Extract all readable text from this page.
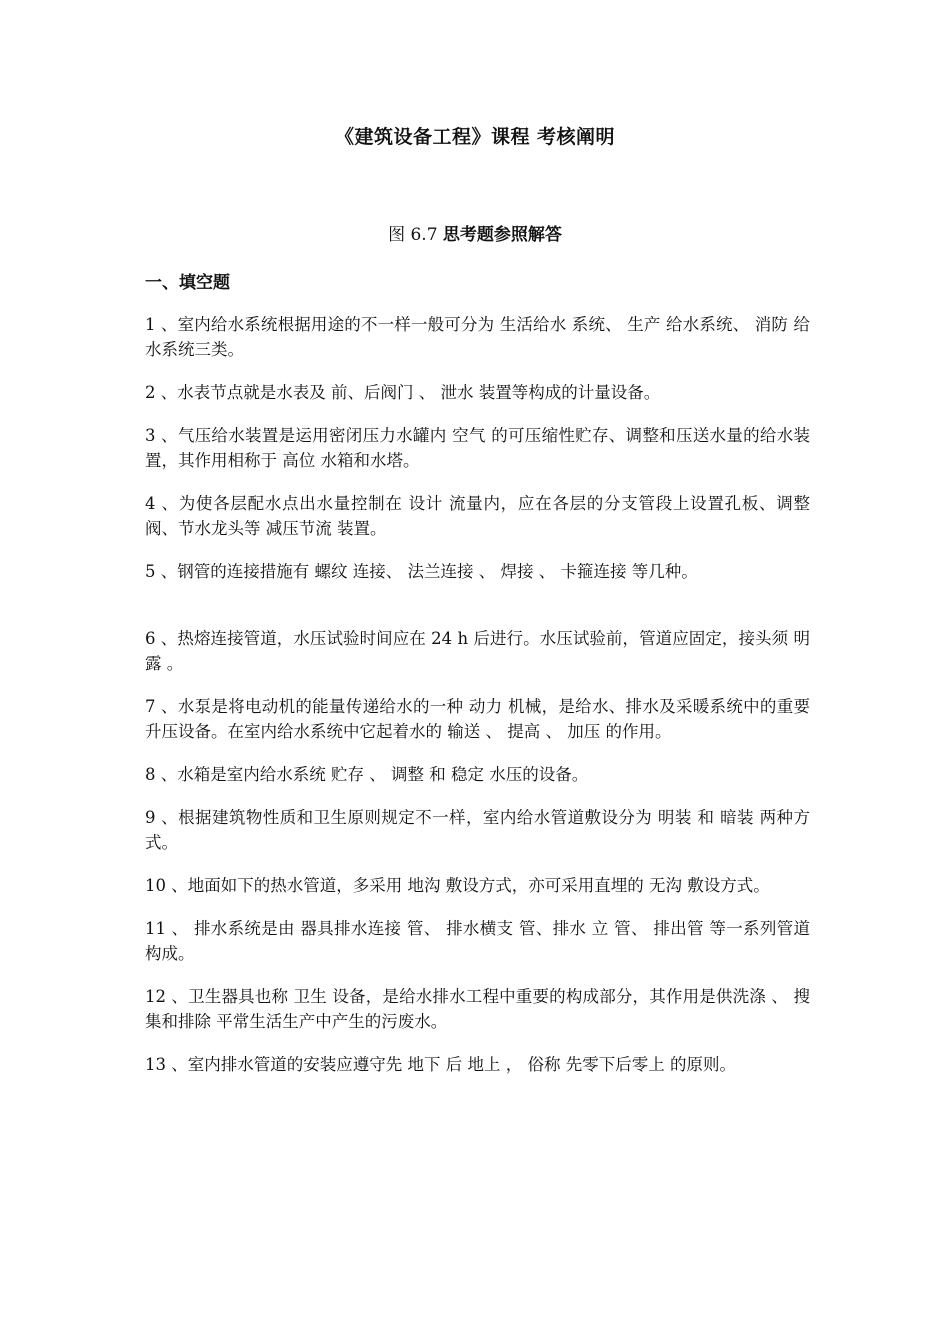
《建筑设备工程》课程 考核阐明
图 6.7 思考题参照解答
一、填空题

1 、室内给水系统根据用途的不一样一般可分为 生活给水 系统、 生产 给水系统、 消防 给水系统三类。

2 、水表节点就是水表及 前、后阀门 、 泄水 装置等构成的计量设备。

3 、气压给水装置是运用密闭压力水罐内 空气 的可压缩性贮存、调整和压送水量的给水装置，其作用相称于 高位 水箱和水塔。

4 、为使各层配水点出水量控制在 设计 流量内，应在各层的分支管段上设置孔板、调整阀、节水龙头等 减压节流 装置。

5 、钢管的连接措施有 螺纹 连接、 法兰连接 、 焊接 、 卡箍连接 等几种。

6 、热熔连接管道，水压试验时间应在 24 h 后进行。水压试验前，管道应固定，接头须 明露 。

7 、水泵是将电动机的能量传递给水的一种 动力 机械，是给水、排水及采暖系统中的重要升压设备。在室内给水系统中它起着水的 输送 、 提高 、 加压 的作用。

8 、水箱是室内给水系统 贮存 、 调整 和 稳定 水压的设备。

9 、根据建筑物性质和卫生原则规定不一样，室内给水管道敷设分为 明装 和 暗装 两种方式。

10 、地面如下的热水管道，多采用 地沟 敷设方式，亦可采用直埋的 无沟 敷设方式。

11 、 排水系统是由 器具排水连接 管、 排水横支 管、排水 立 管、 排出管 等一系列管道构成。

12 、卫生器具也称 卫生 设备，是给水排水工程中重要的构成部分，其作用是供洗涤 、 搜集和排除 平常生活生产中产生的污废水。

13 、室内排水管道的安装应遵守先 地下 后 地上 ， 俗称 先零下后零上 的原则。
